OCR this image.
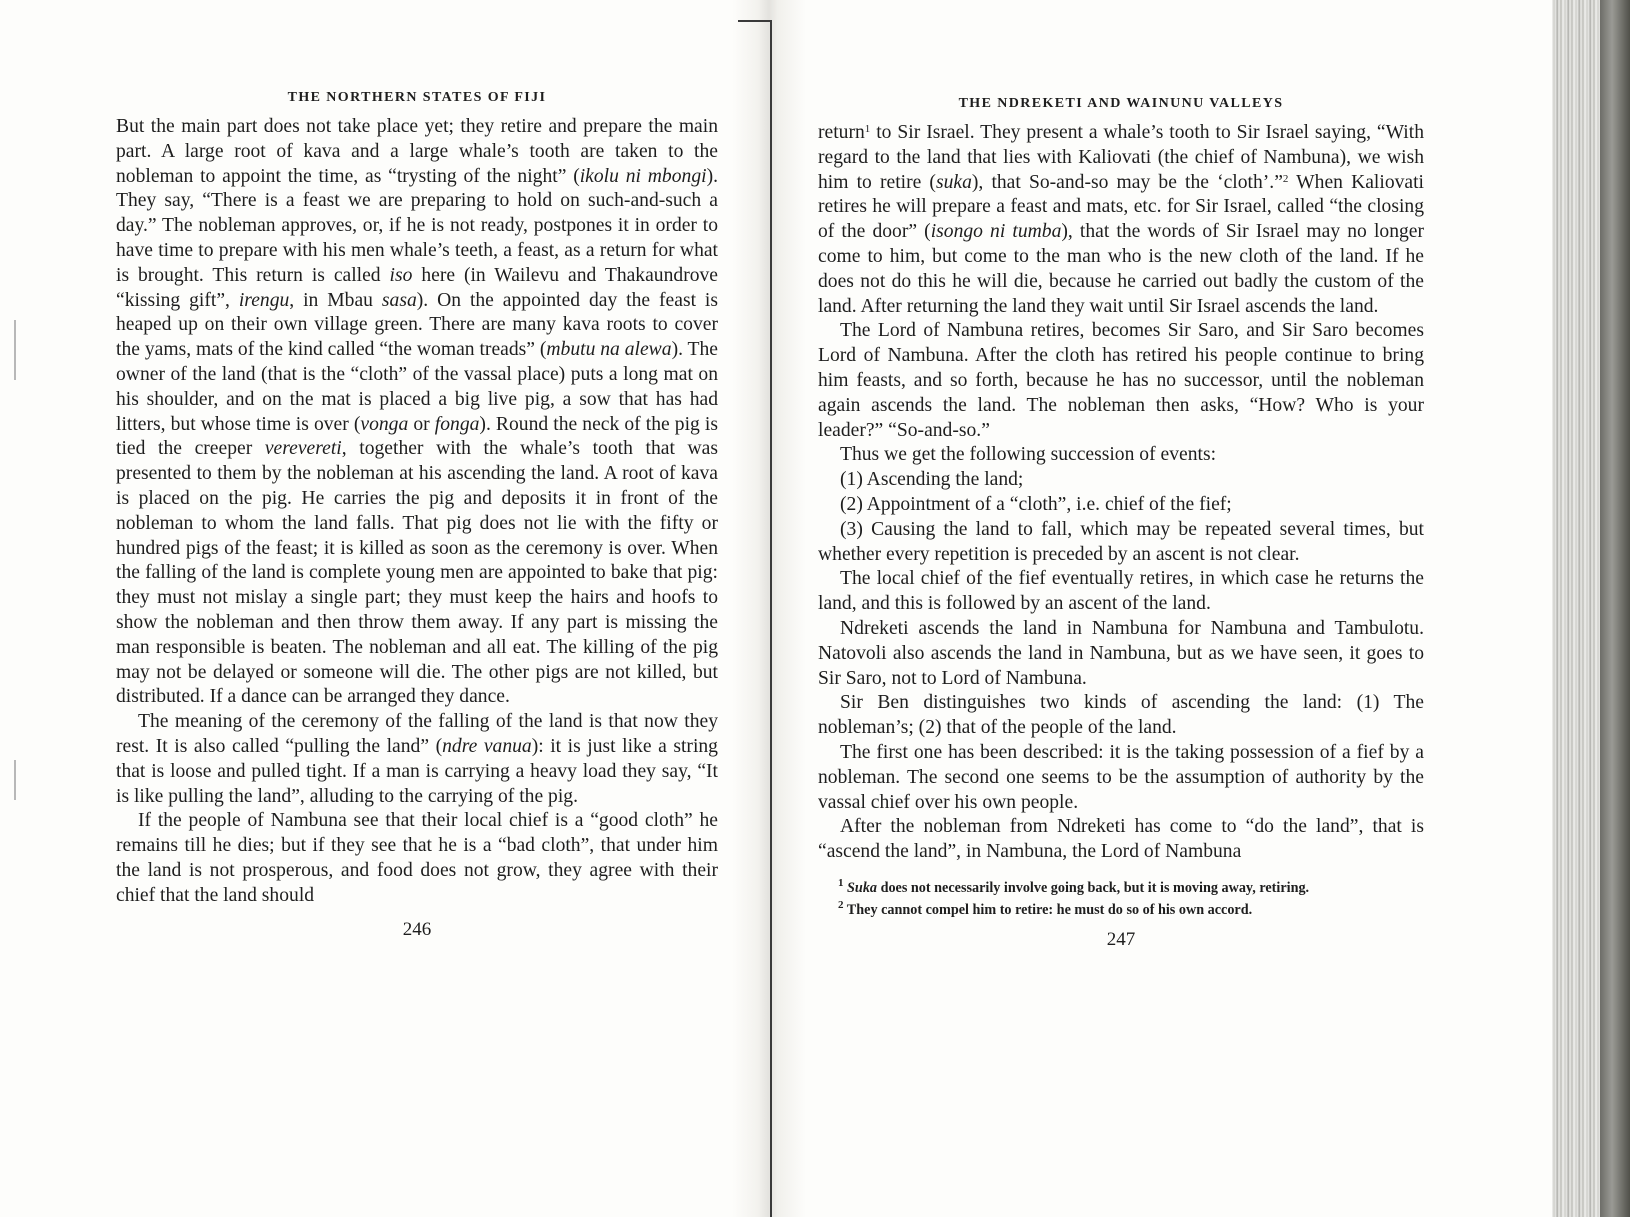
THE NORTHERN STATES OF FIJI

But the main part does not take place yet; they retire and prepare the main part. A large root of kava and a large whale’s tooth are taken to the nobleman to appoint the time, as “trysting of the night” (ikolu ni mbongi). They say, “There is a feast we are preparing to hold on such-and-such a day.” The nobleman approves, or, if he is not ready, postpones it in order to have time to prepare with his men whale’s teeth, a feast, as a return for what is brought. This return is called iso here (in Wailevu and Thakaundrove “kissing gift”, irengu, in Mbau sasa). On the appointed day the feast is heaped up on their own village green. There are many kava roots to cover the yams, mats of the kind called “the woman treads” (mbutu na alewa). The owner of the land (that is the “cloth” of the vassal place) puts a long mat on his shoulder, and on the mat is placed a big live pig, a sow that has had litters, but whose time is over (vonga or fonga). Round the neck of the pig is tied the creeper verevereti, together with the whale’s tooth that was presented to them by the nobleman at his ascending the land. A root of kava is placed on the pig. He carries the pig and deposits it in front of the nobleman to whom the land falls. That pig does not lie with the fifty or hundred pigs of the feast; it is killed as soon as the ceremony is over. When the falling of the land is complete young men are appointed to bake that pig: they must not mislay a single part; they must keep the hairs and hoofs to show the nobleman and then throw them away. If any part is missing the man responsible is beaten. The nobleman and all eat. The killing of the pig may not be delayed or someone will die. The other pigs are not killed, but distributed. If a dance can be arranged they dance.

The meaning of the ceremony of the falling of the land is that now they rest. It is also called “pulling the land” (ndre vanua): it is just like a string that is loose and pulled tight. If a man is carrying a heavy load they say, “It is like pulling the land”, alluding to the carrying of the pig.

If the people of Nambuna see that their local chief is a “good cloth” he remains till he dies; but if they see that he is a “bad cloth”, that under him the land is not prosperous, and food does not grow, they agree with their chief that the land should

246
THE NDREKETI AND WAINUNU VALLEYS

return$^1$ to Sir Israel. They present a whale’s tooth to Sir Israel saying, “With regard to the land that lies with Kaliovati (the chief of Nambuna), we wish him to retire (suka), that So-and-so may be the ‘cloth’.”$^2$ When Kaliovati retires he will prepare a feast and mats, etc. for Sir Israel, called “the closing of the door” (isongo ni tumba), that the words of Sir Israel may no longer come to him, but come to the man who is the new cloth of the land. If he does not do this he will die, because he carried out badly the custom of the land. After returning the land they wait until Sir Israel ascends the land.

The Lord of Nambuna retires, becomes Sir Saro, and Sir Saro becomes Lord of Nambuna. After the cloth has retired his people continue to bring him feasts, and so forth, because he has no successor, until the nobleman again ascends the land. The nobleman then asks, “How? Who is your leader?” “So-and-so.”

Thus we get the following succession of events:

(1) Ascending the land;

(2) Appointment of a “cloth”, i.e. chief of the fief;

(3) Causing the land to fall, which may be repeated several times, but whether every repetition is preceded by an ascent is not clear.

The local chief of the fief eventually retires, in which case he returns the land, and this is followed by an ascent of the land.

Ndreketi ascends the land in Nambuna for Nambuna and Tambulotu. Natovoli also ascends the land in Nambuna, but as we have seen, it goes to Sir Saro, not to Lord of Nambuna.

Sir Ben distinguishes two kinds of ascending the land: (1) The nobleman’s; (2) that of the people of the land.

The first one has been described: it is the taking possession of a fief by a nobleman. The second one seems to be the assumption of authority by the vassal chief over his own people.

After the nobleman from Ndreketi has come to “do the land”, that is “ascend the land”, in Nambuna, the Lord of Nambuna

$^1$ Suka does not necessarily involve going back, but it is moving away, retiring.

$^2$ They cannot compel him to retire: he must do so of his own accord.

247
